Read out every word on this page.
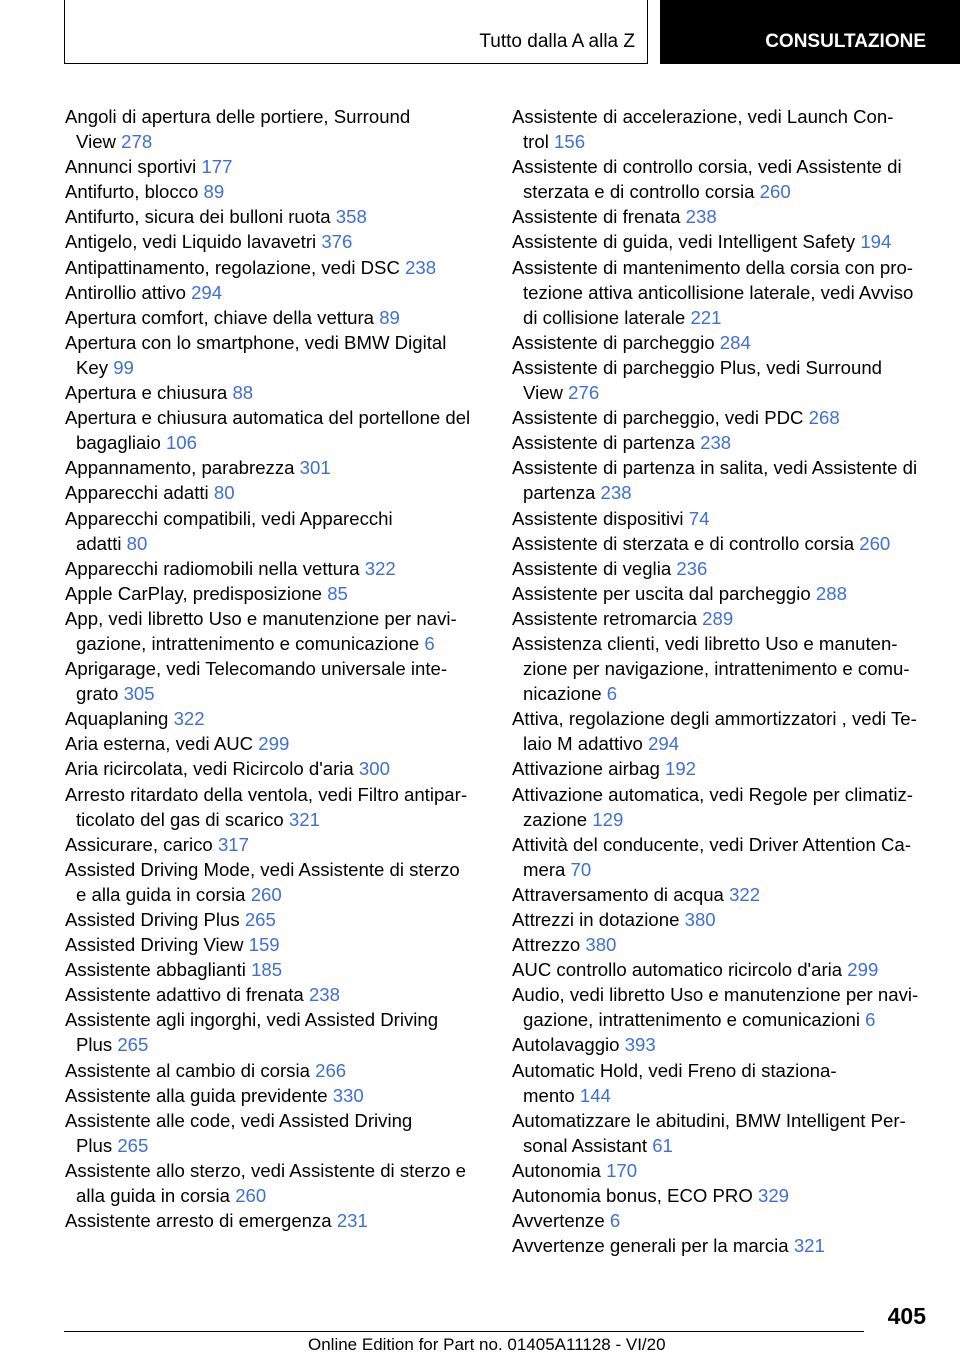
Tutto dalla A alla Z	CONSULTAZIONE
Angoli di apertura delle portiere, Surround
View 278
Annunci sportivi 177
Antifurto, blocco 89
Antifurto, sicura dei bulloni ruota 358
Antigelo, vedi Liquido lavavetri 376
Antipattinamento, regolazione, vedi DSC 238
Antirollio attivo 294
Apertura comfort, chiave della vettura 89
Apertura con lo smartphone, vedi BMW Digital
Key 99
Apertura e chiusura 88
Apertura e chiusura automatica del portellone del
bagagliaio 106
Appannamento, parabrezza 301
Apparecchi adatti 80
Apparecchi compatibili, vedi Apparecchi
adatti 80
Apparecchi radiomobili nella vettura 322
Apple CarPlay, predisposizione 85
App, vedi libretto Uso e manutenzione per navi-
gazione, intrattenimento e comunicazione 6
Aprigarage, vedi Telecomando universale inte-
grato 305
Aquaplaning 322
Aria esterna, vedi AUC 299
Aria ricircolata, vedi Ricircolo d'aria 300
Arresto ritardato della ventola, vedi Filtro antipar-
ticolato del gas di scarico 321
Assicurare, carico 317
Assisted Driving Mode, vedi Assistente di sterzo
e alla guida in corsia 260
Assisted Driving Plus 265
Assisted Driving View 159
Assistente abbaglianti 185
Assistente adattivo di frenata 238
Assistente agli ingorghi, vedi Assisted Driving
Plus 265
Assistente al cambio di corsia 266
Assistente alla guida previdente 330
Assistente alle code, vedi Assisted Driving
Plus 265
Assistente allo sterzo, vedi Assistente di sterzo e
alla guida in corsia 260
Assistente arresto di emergenza 231
Assistente di accelerazione, vedi Launch Con-
trol 156
Assistente di controllo corsia, vedi Assistente di
sterzata e di controllo corsia 260
Assistente di frenata 238
Assistente di guida, vedi Intelligent Safety 194
Assistente di mantenimento della corsia con pro-
tezione attiva anticollisione laterale, vedi Avviso
di collisione laterale 221
Assistente di parcheggio 284
Assistente di parcheggio Plus, vedi Surround
View 276
Assistente di parcheggio, vedi PDC 268
Assistente di partenza 238
Assistente di partenza in salita, vedi Assistente di
partenza 238
Assistente dispositivi 74
Assistente di sterzata e di controllo corsia 260
Assistente di veglia 236
Assistente per uscita dal parcheggio 288
Assistente retromarcia 289
Assistenza clienti, vedi libretto Uso e manuten-
zione per navigazione, intrattenimento e comu-
nicazione 6
Attiva, regolazione degli ammortizzatori , vedi Te-
laio M adattivo 294
Attivazione airbag 192
Attivazione automatica, vedi Regole per climatiz-
zazione 129
Attività del conducente, vedi Driver Attention Ca-
mera 70
Attraversamento di acqua 322
Attrezzi in dotazione 380
Attrezzo 380
AUC controllo automatico ricircolo d'aria 299
Audio, vedi libretto Uso e manutenzione per navi-
gazione, intrattenimento e comunicazioni 6
Autolavaggio 393
Automatic Hold, vedi Freno di staziona-
mento 144
Automatizzare le abitudini, BMW Intelligent Per-
sonal Assistant 61
Autonomia 170
Autonomia bonus, ECO PRO 329
Avvertenze 6
Avvertenze generali per la marcia 321
405
Online Edition for Part no. 01405A11128 - VI/20
